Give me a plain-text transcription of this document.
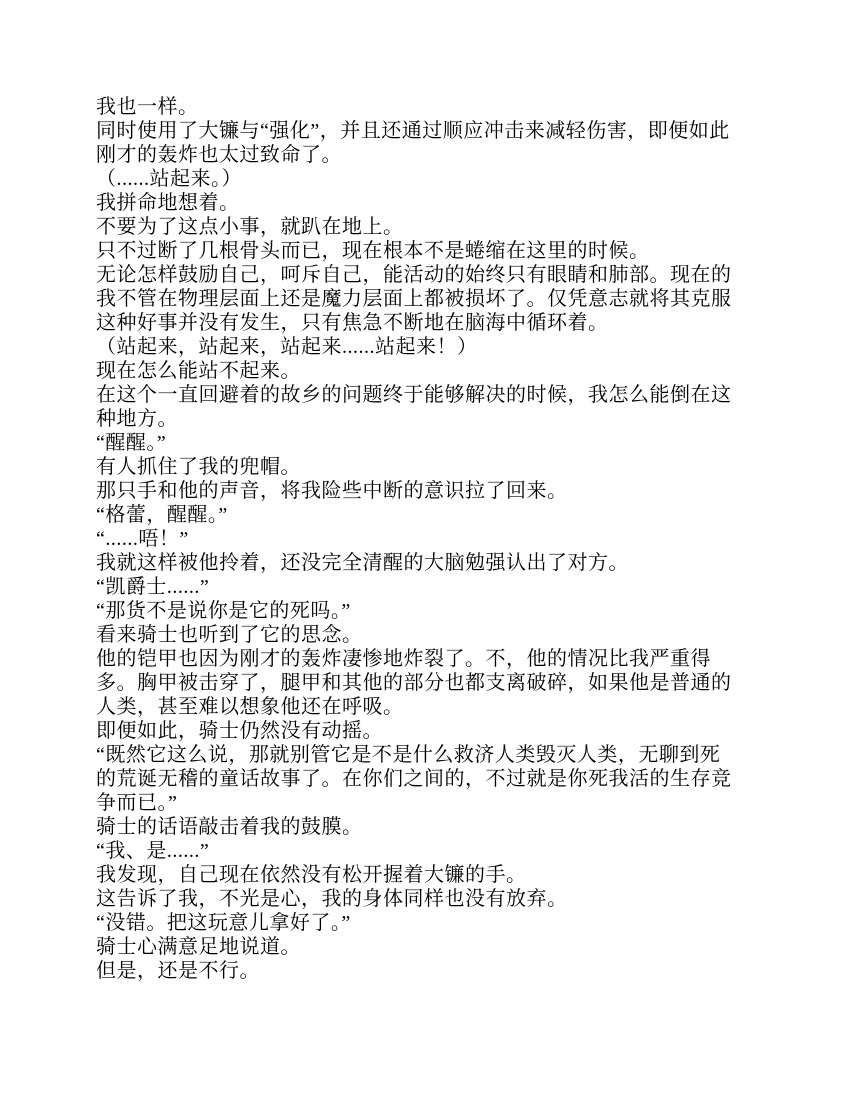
我也一样。
同时使用了大镰与“强化”，并且还通过顺应冲击来减轻伤害，即便如此
刚才的轰炸也太过致命了。
（......站起来。）
我拼命地想着。
不要为了这点小事，就趴在地上。
只不过断了几根骨头而已，现在根本不是蜷缩在这里的时候。
无论怎样鼓励自己，呵斥自己，能活动的始终只有眼睛和肺部。现在的
我不管在物理层面上还是魔力层面上都被损坏了。仅凭意志就将其克服
这种好事并没有发生，只有焦急不断地在脑海中循环着。
（站起来，站起来，站起来......站起来！）
现在怎么能站不起来。
在这个一直回避着的故乡的问题终于能够解决的时候，我怎么能倒在这
种地方。
“醒醒。”
有人抓住了我的兜帽。
那只手和他的声音，将我险些中断的意识拉了回来。
“格蕾，醒醒。”
“......唔！”
我就这样被他拎着，还没完全清醒的大脑勉强认出了对方。
“凯爵士......”
“那货不是说你是它的死吗。”
看来骑士也听到了它的思念。
他的铠甲也因为刚才的轰炸凄惨地炸裂了。不，他的情况比我严重得
多。胸甲被击穿了，腿甲和其他的部分也都支离破碎，如果他是普通的
人类，甚至难以想象他还在呼吸。
即便如此，骑士仍然没有动摇。
“既然它这么说，那就别管它是不是什么救济人类毁灭人类，无聊到死
的荒诞无稽的童话故事了。在你们之间的，不过就是你死我活的生存竞
争而已。”
骑士的话语敲击着我的鼓膜。
“我、是......”
我发现，自己现在依然没有松开握着大镰的手。
这告诉了我，不光是心，我的身体同样也没有放弃。
“没错。把这玩意儿拿好了。”
骑士心满意足地说道。
但是，还是不行。
